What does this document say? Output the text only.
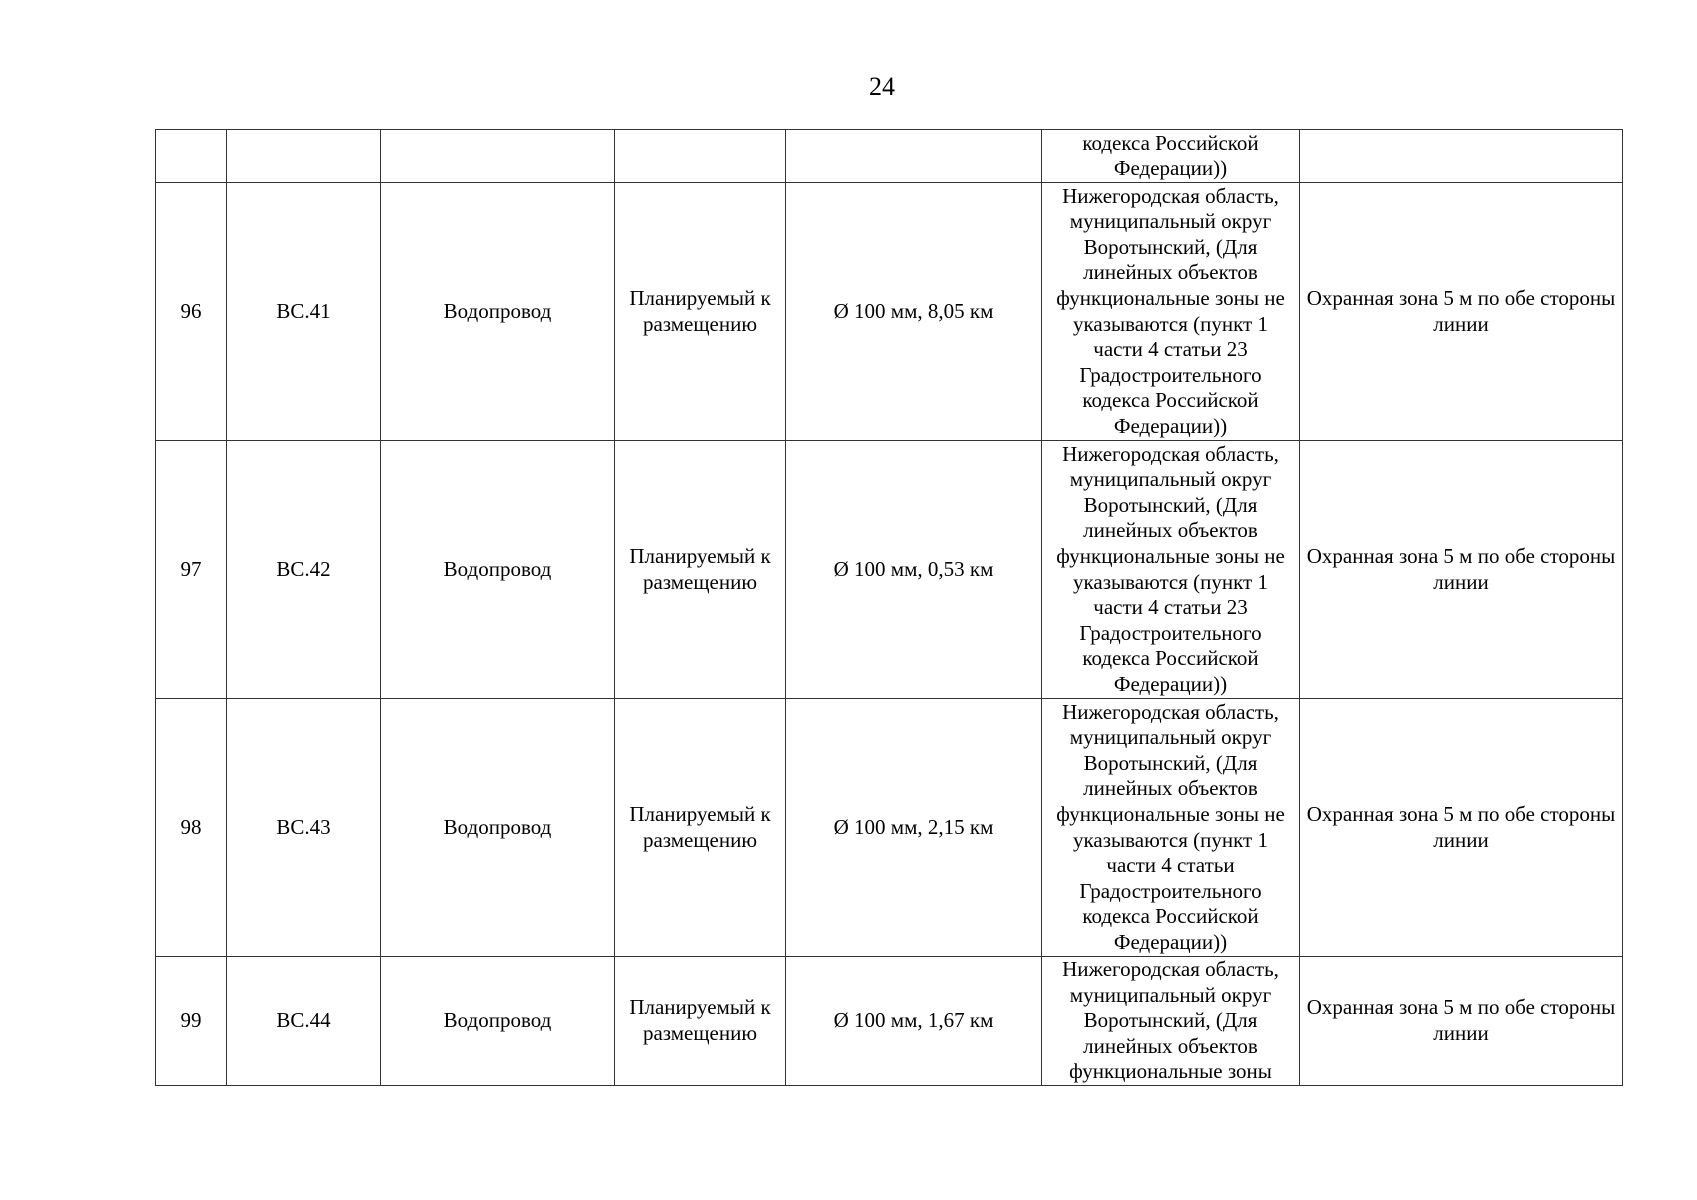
24

					кодекса Российской Федерации))	

96	ВС.41	Водопровод	Планируемый к размещению	Ø 100 мм, 8,05 км	Нижегородская область, муниципальный округ Воротынский, (Для линейных объектов функциональные зоны не указываются (пункт 1 части 4 статьи 23 Градостроительного кодекса Российской Федерации))	Охранная зона 5 м по обе стороны линии
97	ВС.42	Водопровод	Планируемый к размещению	Ø 100 мм, 0,53 км	Нижегородская область, муниципальный округ Воротынский, (Для линейных объектов функциональные зоны не указываются (пункт 1 части 4 статьи 23 Градостроительного кодекса Российской Федерации))	Охранная зона 5 м по обе стороны линии
98	ВС.43	Водопровод	Планируемый к размещению	Ø 100 мм, 2,15 км	Нижегородская область, муниципальный округ Воротынский, (Для линейных объектов функциональные зоны не указываются (пункт 1 части 4 статьи Градостроительного кодекса Российской Федерации))	Охранная зона 5 м по обе стороны линии
99	ВС.44	Водопровод	Планируемый к размещению	Ø 100 мм, 1,67 км	Нижегородская область, муниципальный округ Воротынский, (Для линейных объектов функциональные зоны	Охранная зона 5 м по обе стороны линии
